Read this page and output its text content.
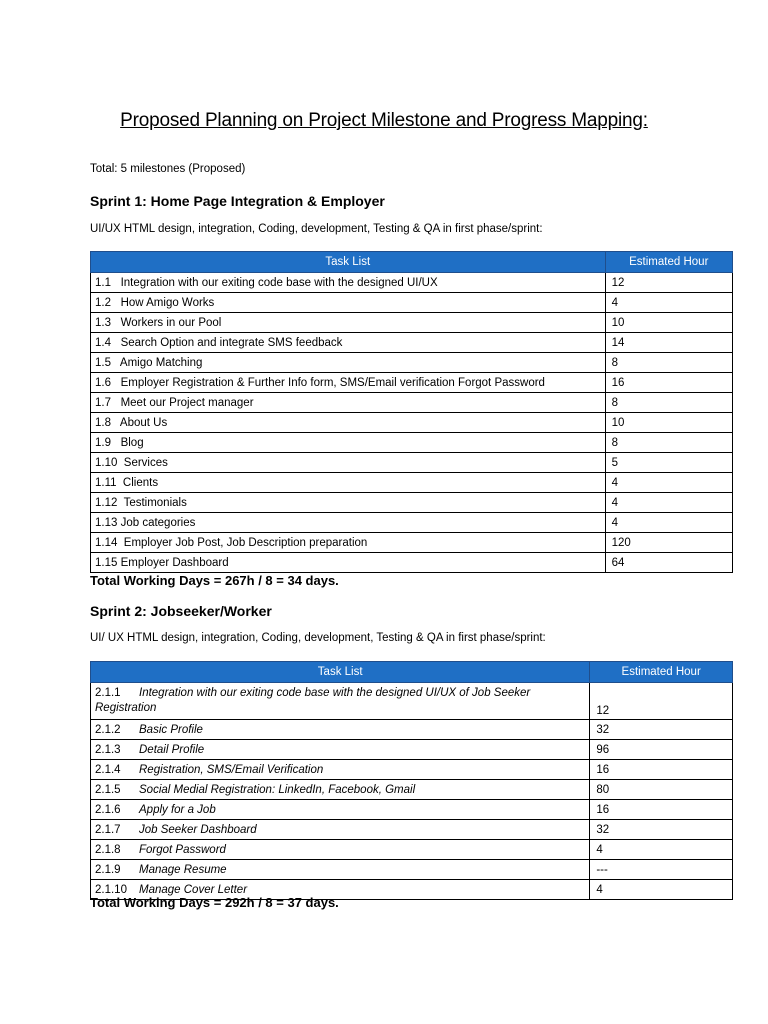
Proposed Planning on Project Milestone and Progress Mapping:
Total: 5 milestones (Proposed)
Sprint 1: Home Page Integration & Employer
UI/UX HTML design, integration, Coding, development, Testing & QA in first phase/sprint:
Task List	Estimated Hour
1.1   Integration with our exiting code base with the designed UI/UX	12
1.2   How Amigo Works	4
1.3   Workers in our Pool	10
1.4   Search Option and integrate SMS feedback	14
1.5   Amigo Matching	8
1.6   Employer Registration & Further Info form, SMS/Email verification Forgot Password	16
1.7   Meet our Project manager	8
1.8   About Us	10
1.9   Blog	8
1.10  Services	5
1.11  Clients	4
1.12  Testimonials	4
1.13 Job categories	4
1.14  Employer Job Post, Job Description preparation	120
1.15 Employer Dashboard	64
Total Working Days = 267h / 8 = 34 days.
Sprint 2: Jobseeker/Worker
UI/ UX HTML design, integration, Coding, development, Testing & QA in first phase/sprint:
Task List	Estimated Hour
2.1.1 Integration with our exiting code base with the designed UI/UX of Job Seeker Registration	12
2.1.2 Basic Profile	32
2.1.3 Detail Profile	96
2.1.4 Registration, SMS/Email Verification	16
2.1.5 Social Medial Registration: LinkedIn, Facebook, Gmail	80
2.1.6 Apply for a Job	16
2.1.7 Job Seeker Dashboard	32
2.1.8 Forgot Password	4
2.1.9 Manage Resume	---
2.1.10 Manage Cover Letter	4
Total Working Days = 292h / 8 = 37 days.
